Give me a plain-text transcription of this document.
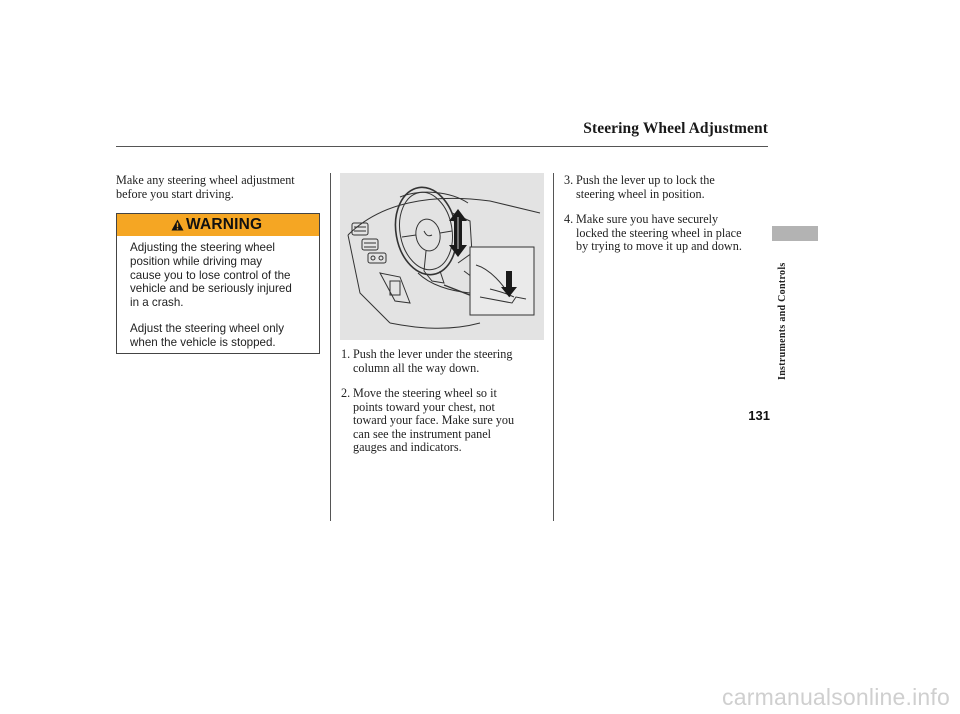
Steering Wheel Adjustment
Make any steering wheel adjustment
before you start driving.
WARNING
Adjusting the steering wheel
position while driving may
cause you to lose control of the
vehicle and be seriously injured
in a crash.
Adjust the steering wheel only
when the vehicle is stopped.
1. Push the lever under the steering
column all the way down.
2. Move the steering wheel so it
points toward your chest, not
toward your face. Make sure you
can see the instrument panel
gauges and indicators.
3. Push the lever up to lock the
steering wheel in position.
4. Make sure you have securely
locked the steering wheel in place
by trying to move it up and down.
Instruments and Controls
131
carmanualsonline.info
